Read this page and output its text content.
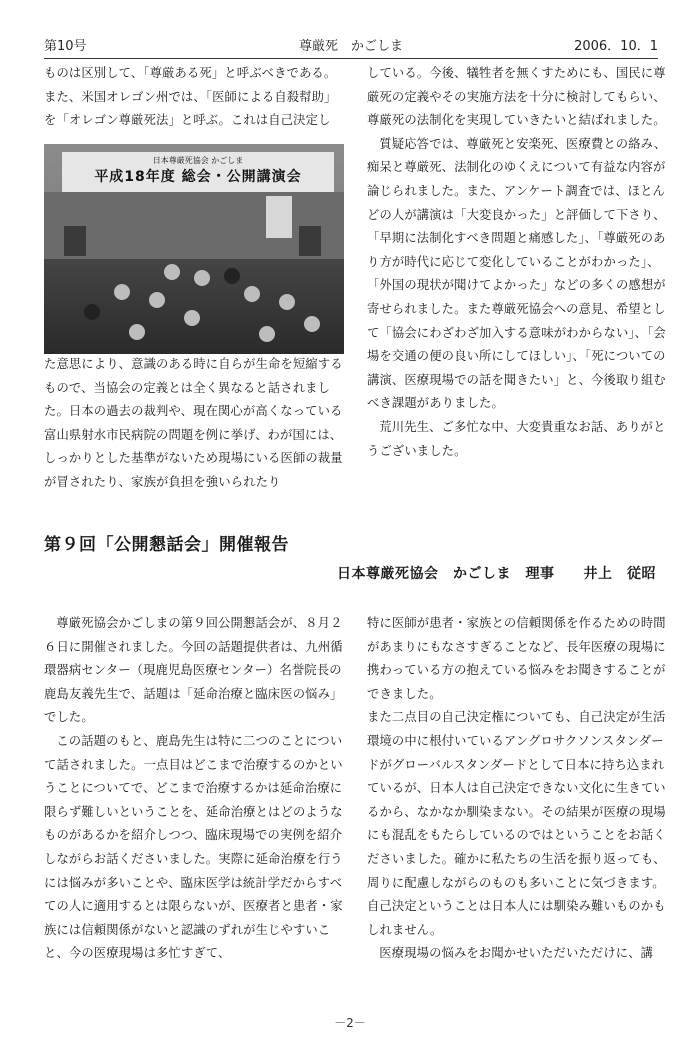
第10号	尊厳死　かごしま	2006．10．1

ものは区別して、「尊厳ある死」と呼ぶべきである。また、米国オレゴン州では、「医師による自殺幇助」を「オレゴン尊厳死法」と呼ぶ。これは自己決定し

日本尊厳死協会 かごしま
平成18年度 総会・公開講演会

た意思により、意識のある時に自らが生命を短縮するもので、当協会の定義とは全く異なると話されました。日本の過去の裁判や、現在関心が高くなっている富山県射水市民病院の問題を例に挙げ、わが国には、しっかりとした基準がないため現場にいる医師の裁量が冒されたり、家族が負担を強いられたり

している。今後、犠牲者を無くすためにも、国民に尊厳死の定義やその実施方法を十分に検討してもらい、尊厳死の法制化を実現していきたいと結ばれました。

質疑応答では、尊厳死と安楽死、医療費との絡み、痴呆と尊厳死、法制化のゆくえについて有益な内容が論じられました。また、アンケート調査では、ほとんどの人が講演は「大変良かった」と評価して下さり、「早期に法制化すべき問題と痛感した」、「尊厳死のあり方が時代に応じて変化していることがわかった」、「外国の現状が聞けてよかった」などの多くの感想が寄せられました。また尊厳死協会への意見、希望として「協会にわざわざ加入する意味がわからない」、「会場を交通の便の良い所にしてほしい」、「死についての講演、医療現場での話を聞きたい」と、今後取り組むべき課題がありました。

荒川先生、ご多忙な中、大変貴重なお話、ありがとうございました。

第９回「公開懇話会」開催報告
日本尊厳死協会　かごしま　理事　　井上　従昭

尊厳死協会かごしまの第９回公開懇話会が、８月２６日に開催されました。今回の話題提供者は、九州循環器病センター（現鹿児島医療センター）名誉院長の鹿島友義先生で、話題は「延命治療と臨床医の悩み」でした。

この話題のもと、鹿島先生は特に二つのことについて話されました。一点目はどこまで治療するのかということについてで、どこまで治療するかは延命治療に限らず難しいということを、延命治療とはどのようなものがあるかを紹介しつつ、臨床現場での実例を紹介しながらお話くださいました。実際に延命治療を行うには悩みが多いことや、臨床医学は統計学だからすべての人に適用するとは限らないが、医療者と患者・家族には信頼関係がないと認識のずれが生じやすいこと、今の医療現場は多忙すぎて、

特に医師が患者・家族との信頼関係を作るための時間があまりにもなさすぎることなど、長年医療の現場に携わっている方の抱えている悩みをお聞きすることができました。

また二点目の自己決定権についても、自己決定が生活環境の中に根付いているアングロサクソンスタンダードがグローバルスタンダードとして日本に持ち込まれているが、日本人は自己決定できない文化に生きているから、なかなか馴染まない。その結果が医療の現場にも混乱をもたらしているのではということをお話くださいました。確かに私たちの生活を振り返っても、周りに配慮しながらのものも多いことに気づきます。自己決定ということは日本人には馴染み難いものかもしれません。

医療現場の悩みをお聞かせいただいただけに、講

－2－
